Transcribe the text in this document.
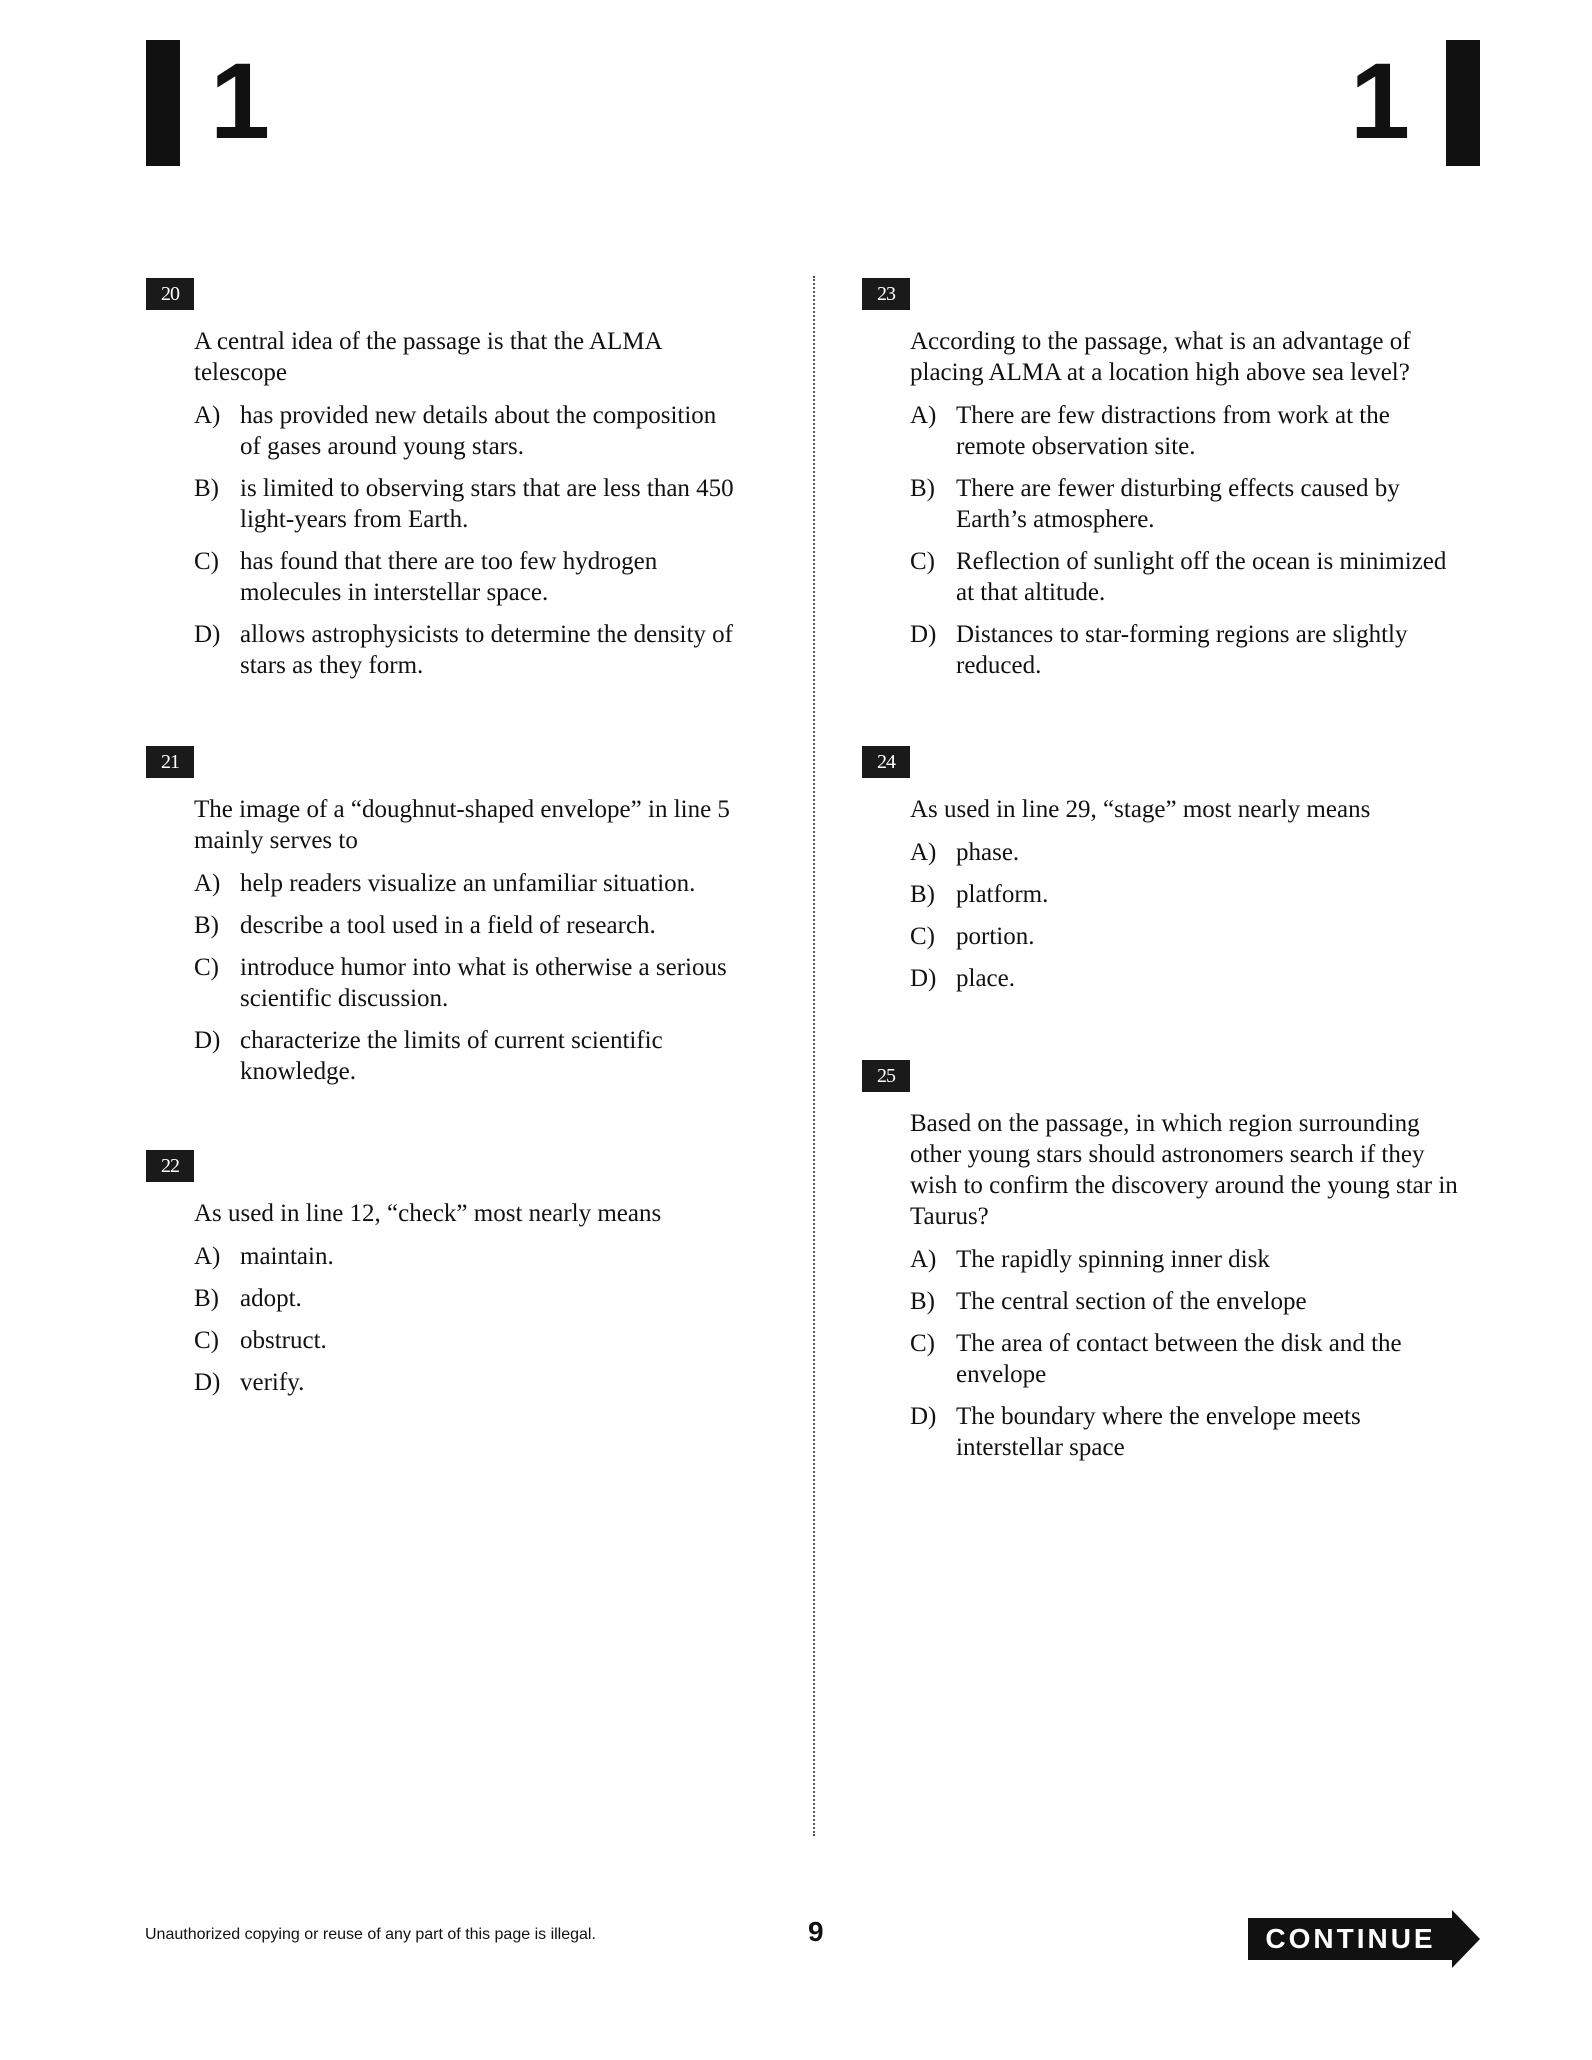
1	1
20
A central idea of the passage is that the ALMA telescope
A) has provided new details about the composition of gases around young stars.
B) is limited to observing stars that are less than 450 light-years from Earth.
C) has found that there are too few hydrogen molecules in interstellar space.
D) allows astrophysicists to determine the density of stars as they form.
21
The image of a “doughnut-shaped envelope” in line 5 mainly serves to
A) help readers visualize an unfamiliar situation.
B) describe a tool used in a field of research.
C) introduce humor into what is otherwise a serious scientific discussion.
D) characterize the limits of current scientific knowledge.
22
As used in line 12, “check” most nearly means
A) maintain.
B) adopt.
C) obstruct.
D) verify.
23
According to the passage, what is an advantage of placing ALMA at a location high above sea level?
A) There are few distractions from work at the remote observation site.
B) There are fewer disturbing effects caused by Earth’s atmosphere.
C) Reflection of sunlight off the ocean is minimized at that altitude.
D) Distances to star-forming regions are slightly reduced.
24
As used in line 29, “stage” most nearly means
A) phase.
B) platform.
C) portion.
D) place.
25
Based on the passage, in which region surrounding other young stars should astronomers search if they wish to confirm the discovery around the young star in Taurus?
A) The rapidly spinning inner disk
B) The central section of the envelope
C) The area of contact between the disk and the envelope
D) The boundary where the envelope meets interstellar space
Unauthorized copying or reuse of any part of this page is illegal.	9	CONTINUE
